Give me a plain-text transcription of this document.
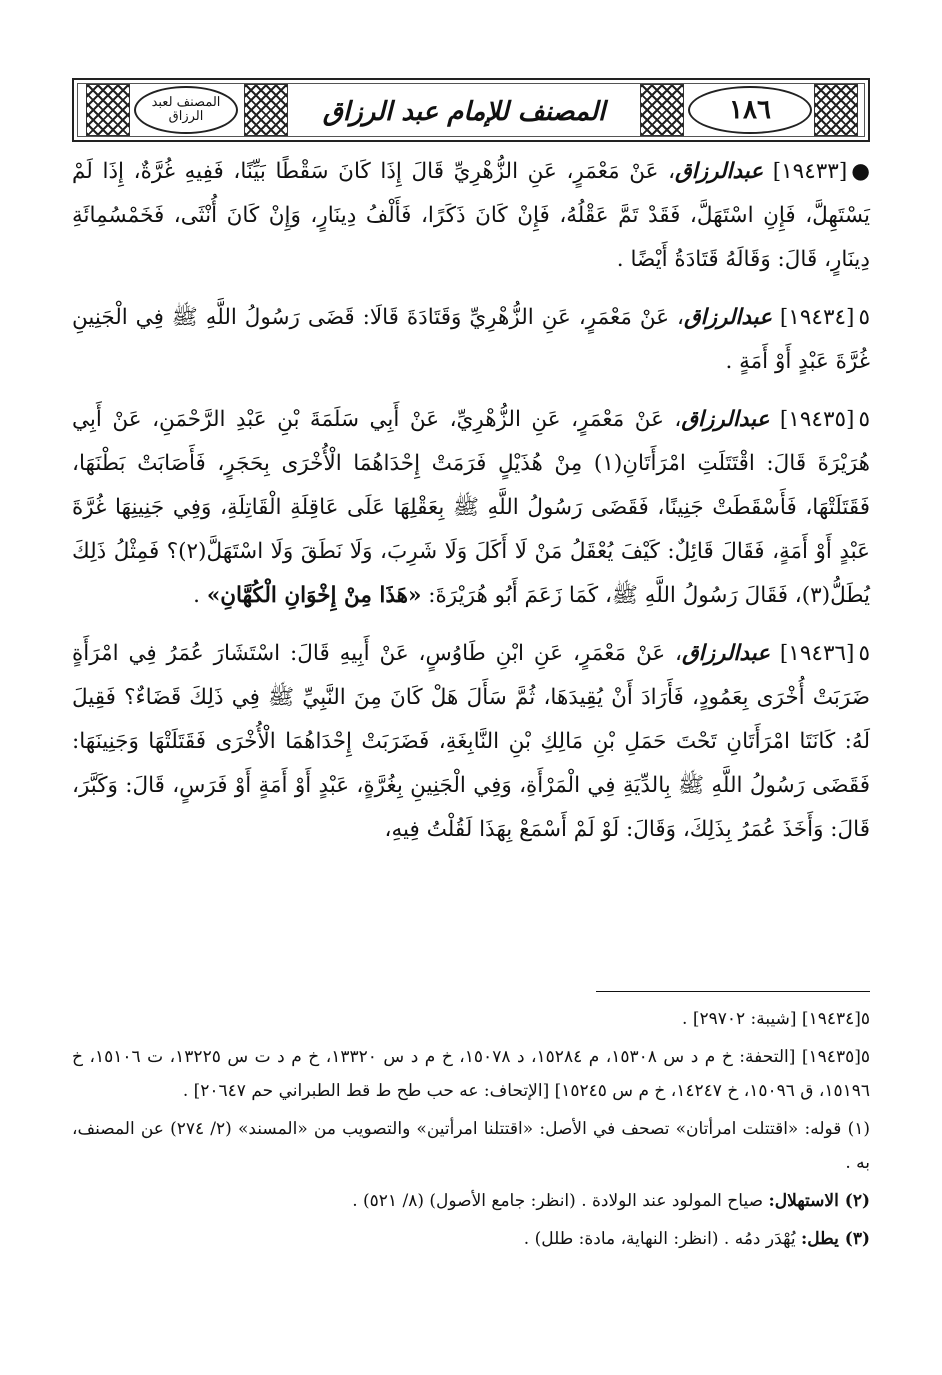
المصنف لعبد الرزاق	المصنف للإمام عبد الرزاق	١٨٦

●[١٩٤٣٣] عبدالرزاق، عَنْ مَعْمَرٍ، عَنِ الزُّهْرِيِّ قَالَ إِذَا كَانَ سَقْطًا بَيِّنًا، فَفِيهِ غُرَّةٌ، إِذَا لَمْ يَسْتَهِلَّ، فَإِنِ اسْتَهَلَّ، فَقَدْ تَمَّ عَقْلُهُ، فَإِنْ كَانَ ذَكَرًا، فَأَلْفُ دِينَارٍ، وَإِنْ كَانَ أُنْثَى، فَخَمْسُمِائَةِ دِينَارٍ، قَالَ: وَقَالَهُ قَتَادَةُ أَيْضًا .

٥[١٩٤٣٤] عبدالرزاق، عَنْ مَعْمَرٍ، عَنِ الزُّهْرِيِّ وَقَتَادَةَ قَالَا: قَضَى رَسُولُ اللَّهِ ﷺ فِي الْجَنِينِ غُرَّةَ عَبْدٍ أَوْ أَمَةٍ .

٥[١٩٤٣٥] عبدالرزاق، عَنْ مَعْمَرٍ، عَنِ الزُّهْرِيِّ، عَنْ أَبِي سَلَمَةَ بْنِ عَبْدِ الرَّحْمَنِ، عَنْ أَبِي هُرَيْرَةَ قَالَ: اقْتَتَلَتِ امْرَأَتَانِ(١) مِنْ هُذَيْلٍ فَرَمَتْ إِحْدَاهُمَا الْأُخْرَى بِحَجَرٍ، فَأَصَابَتْ بَطْنَهَا، فَقَتَلَتْهَا، فَأَسْقَطَتْ جَنِينًا، فَقَضَى رَسُولُ اللَّهِ ﷺ بِعَقْلِهَا عَلَى عَاقِلَةِ الْقَاتِلَةِ، وَفِي جَنِينِهَا غُرَّةَ عَبْدٍ أَوْ أَمَةٍ، فَقَالَ قَائِلٌ: كَيْفَ يُعْقَلُ مَنْ لَا أَكَلَ وَلَا شَرِبَ، وَلَا نَطَقَ وَلَا اسْتَهَلَّ(٢)؟ فَمِثْلُ ذَلِكَ يُطَلُّ(٣)، فَقَالَ رَسُولُ اللَّهِ ﷺ، كَمَا زَعَمَ أَبُو هُرَيْرَةَ: «هَذَا مِنْ إِخْوَانِ الْكُهَّانِ» .

٥[١٩٤٣٦] عبدالرزاق، عَنْ مَعْمَرٍ، عَنِ ابْنِ طَاوُسٍ، عَنْ أَبِيهِ قَالَ: اسْتَشَارَ عُمَرُ فِي امْرَأَةٍ ضَرَبَتْ أُخْرَى بِعَمُودٍ، فَأَرَادَ أَنْ يُقِيدَهَا، ثُمَّ سَأَلَ هَلْ كَانَ مِنَ النَّبِيِّ ﷺ فِي ذَلِكَ قَضَاءٌ؟ فَقِيلَ لَهُ: كَانَتَا امْرَأَتَانِ تَحْتَ حَمَلِ بْنِ مَالِكِ بْنِ النَّابِغَةِ، فَضَرَبَتْ إِحْدَاهُمَا الْأُخْرَى فَقَتَلَتْهَا وَجَنِينَهَا: فَقَضَى رَسُولُ اللَّهِ ﷺ بِالدِّيَةِ فِي الْمَرْأَةِ، وَفِي الْجَنِينِ بِغُرَّةٍ، عَبْدٍ أَوْ أَمَةٍ أَوْ فَرَسٍ، قَالَ: وَكَبَّرَ، قَالَ: وَأَخَذَ عُمَرُ بِذَلِكَ، وَقَالَ: لَوْ لَمْ أَسْمَعْ بِهَذَا لَقُلْتُ فِيهِ،

٥[١٩٤٣٤] [شيبة: ٢٩٧٠٢] .

٥[١٩٤٣٥] [التحفة: خ م د س ١٥٣٠٨، م ١٥٢٨٤، د ١٥٠٧٨، خ م د س ١٣٣٢٠، خ م د ت س ١٣٢٢٥، ت ١٥١٠٦، خ ١٥١٩٦، ق ١٥٠٩٦، خ ١٤٢٤٧، خ م س ١٥٢٤٥] [الإتحاف: عه حب طح ط قط الطبراني حم ٢٠٦٤٧] .

(١) قوله: «اقتتلت امرأتان» تصحف في الأصل: «اقتتلنا امرأتين» والتصويب من «المسند» (٢/ ٢٧٤) عن المصنف، به .

(٢) الاستهلال: صياح المولود عند الولادة . (انظر: جامع الأصول) (٨/ ٥٢١) .

(٣) يطل: يُهْدَر دمُه . (انظر: النهاية، مادة: طلل) .
